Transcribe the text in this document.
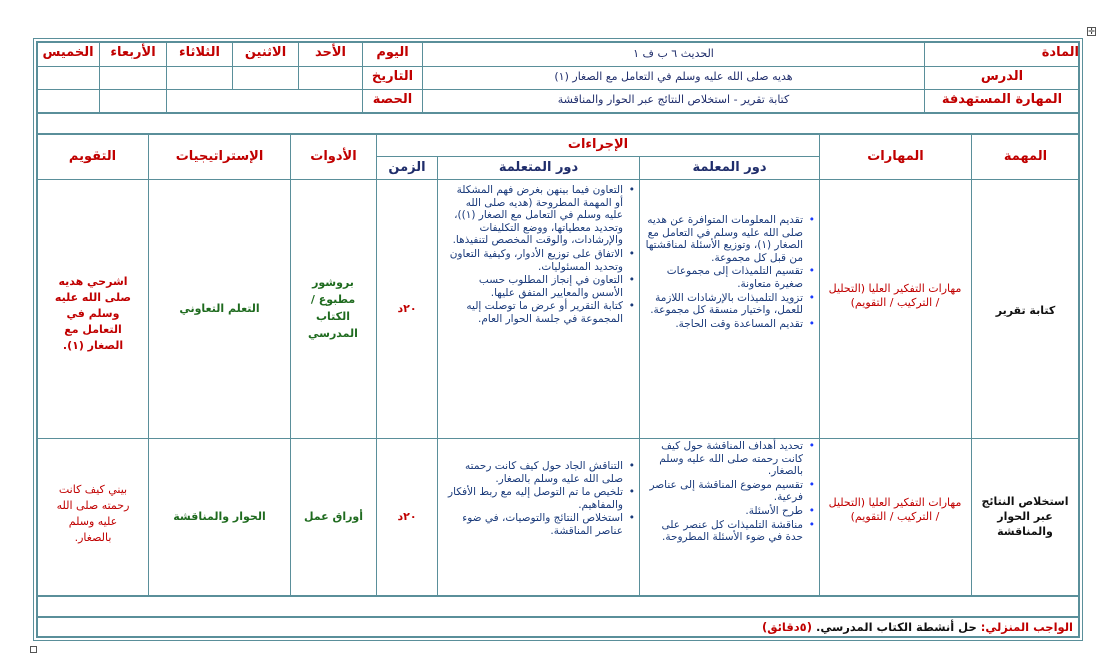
✛
المادة
الدرس
المهارة المستهدفة
الحديث ٦ ب ف ١
هديه صلى الله عليه وسلم في التعامل مع الصغار (١)
كتابة تقرير - استخلاص النتائج عبر الحوار والمناقشة
اليوم
التاريخ
الحصة
الأحد
الاثنين
الثلاثاء
الأربعاء
الخميس
المهمة
المهارات
الإجراءات
دور المعلمة
دور المتعلمة
الزمن
الأدوات
الإستراتيجيات
التقويم
كتابة تقرير
مهارات التفكير العليا (التحليل / التركيب / التقويم)
• تقديم المعلومات المتوافرة عن هديه صلى الله عليه وسلم في التعامل مع الصغار (١)، وتوزيع الأسئلة لمناقشتها من قبل كل مجموعة.
• تقسيم التلميذات إلى مجموعات صغيرة متعاونة.
• تزويد التلميذات بالإرشادات اللازمة للعمل، واختيار منسقة كل مجموعة.
• تقديم المساعدة وقت الحاجة.
• التعاون فيما بينهن بغرض فهم المشكلة أو المهمة المطروحة (هديه صلى الله عليه وسلم في التعامل مع الصغار (١))، وتحديد معطياتها، ووضع التكليفات والإرشادات، والوقت المخصص لتنفيذها.
• الاتفاق على توزيع الأدوار، وكيفية التعاون وتحديد المسئوليات.
• التعاون في إنجاز المطلوب حسب الأسس والمعايير المتفق عليها.
• كتابة التقرير أو عرض ما توصلت إليه المجموعة في جلسة الحوار العام.
٢٠د
بروشور مطبوع / الكتاب المدرسي
التعلم التعاوني
اشرحي هديه صلى الله عليه وسلم في التعامل مع الصغار (١).
استخلاص النتائج عبر الحوار والمناقشة
مهارات التفكير العليا (التحليل / التركيب / التقويم)
• تحديد أهداف المناقشة حول كيف كانت رحمته صلى الله عليه وسلم بالصغار.
• تقسيم موضوع المناقشة إلى عناصر فرعية.
• طرح الأسئلة.
• مناقشة التلميذات كل عنصر على حدة في ضوء الأسئلة المطروحة.
• التناقش الجاد حول كيف كانت رحمته صلى الله عليه وسلم بالصغار.
• تلخيص ما تم التوصل إليه مع ربط الأفكار والمفاهيم.
• استخلاص النتائج والتوصيات، في ضوء عناصر المناقشة.
٢٠د
أوراق عمل
الحوار والمناقشة
بيني كيف كانت رحمته صلى الله عليه وسلم بالصغار.
الواجب المنزلي: حل أنشطة الكتاب المدرسي. (٥دقائق)
